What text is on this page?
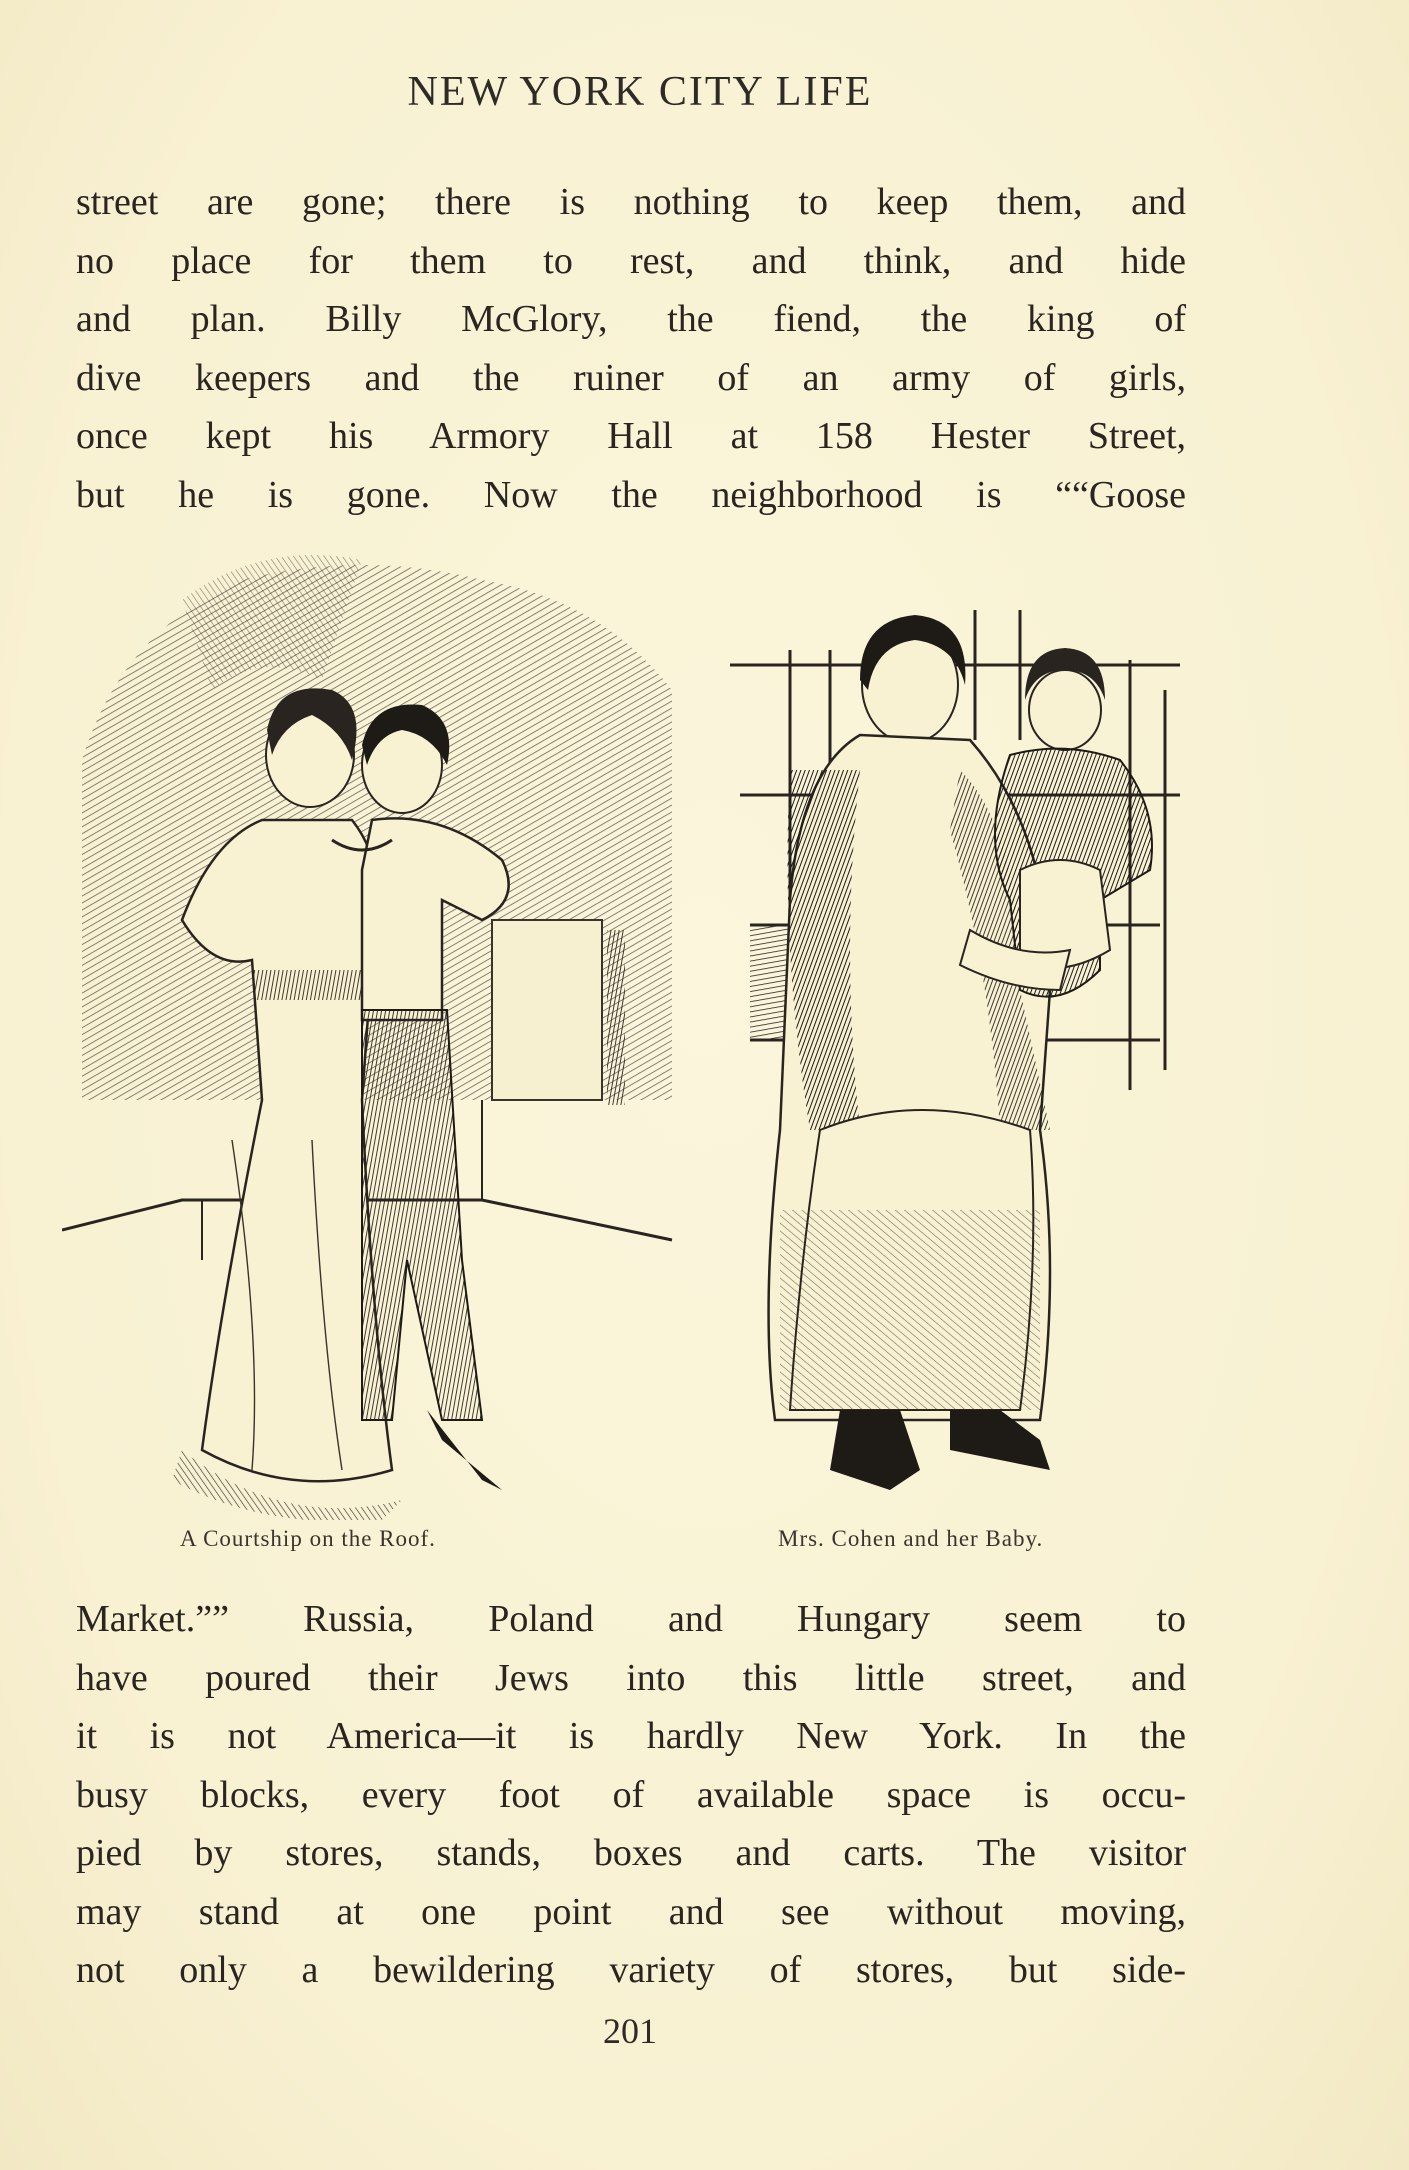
NEW YORK CITY LIFE
street are gone; there is nothing to keep them, and
no place for them to rest, and think, and hide
and plan. Billy McGlory, the fiend, the king of
dive keepers and the ruiner of an army of girls,
once kept his Armory Hall at 158 Hester Street,
but he is gone. Now the neighborhood is ““Goose
A Courtship on the Roof.	Mrs. Cohen and her Baby.
Market.”” Russia, Poland and Hungary seem to
have poured their Jews into this little street, and
it is not America—it is hardly New York. In the
busy blocks, every foot of available space is occu-
pied by stores, stands, boxes and carts. The visitor
may stand at one point and see without moving,
not only a bewildering variety of stores, but side-
201
